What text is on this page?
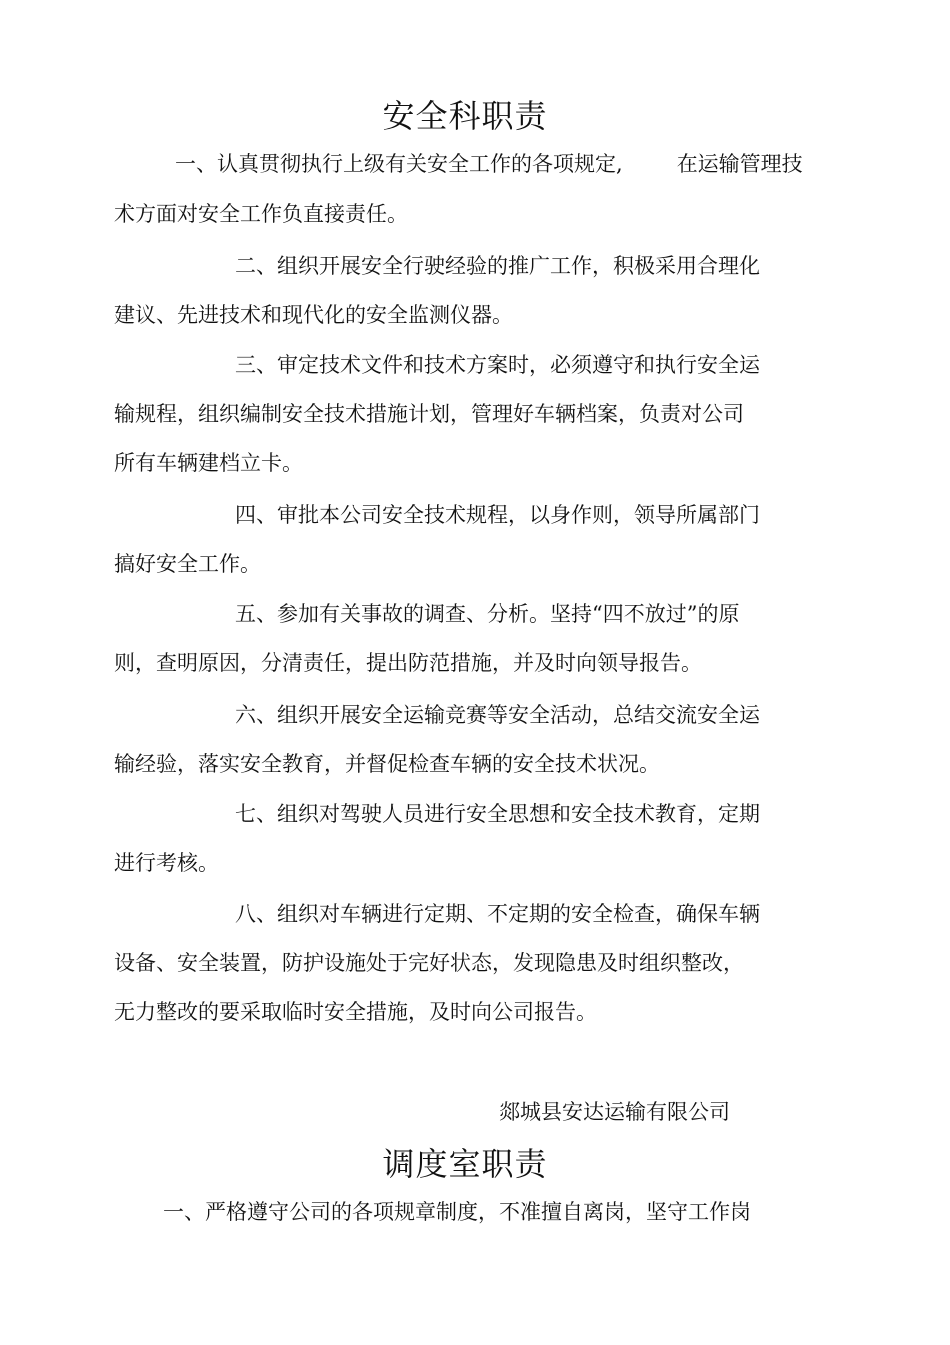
安全科职责

一、认真贯彻执行上级有关安全工作的各项规定,	在运输管理技

术方面对安全工作负直接责任。

二、组织开展安全行驶经验的推广工作，积极采用合理化

建议、先进技术和现代化的安全监测仪器。

三、审定技术文件和技术方案时，必须遵守和执行安全运

输规程，组织编制安全技术措施计划，管理好车辆档案，负责对公司

所有车辆建档立卡。

四、审批本公司安全技术规程，以身作则，领导所属部门

搞好安全工作。

五、参加有关事故的调查、分析。坚持“四不放过”的原

则，查明原因，分清责任，提出防范措施，并及时向领导报告。

六、组织开展安全运输竞赛等安全活动，总结交流安全运

输经验，落实安全教育，并督促检查车辆的安全技术状况。

七、组织对驾驶人员进行安全思想和安全技术教育，定期

进行考核。

八、组织对车辆进行定期、不定期的安全检查，确保车辆

设备、安全装置，防护设施处于完好状态，发现隐患及时组织整改，

无力整改的要采取临时安全措施，及时向公司报告。

郯城县安达运输有限公司

调度室职责

一、严格遵守公司的各项规章制度，不准擅自离岗，坚守工作岗
